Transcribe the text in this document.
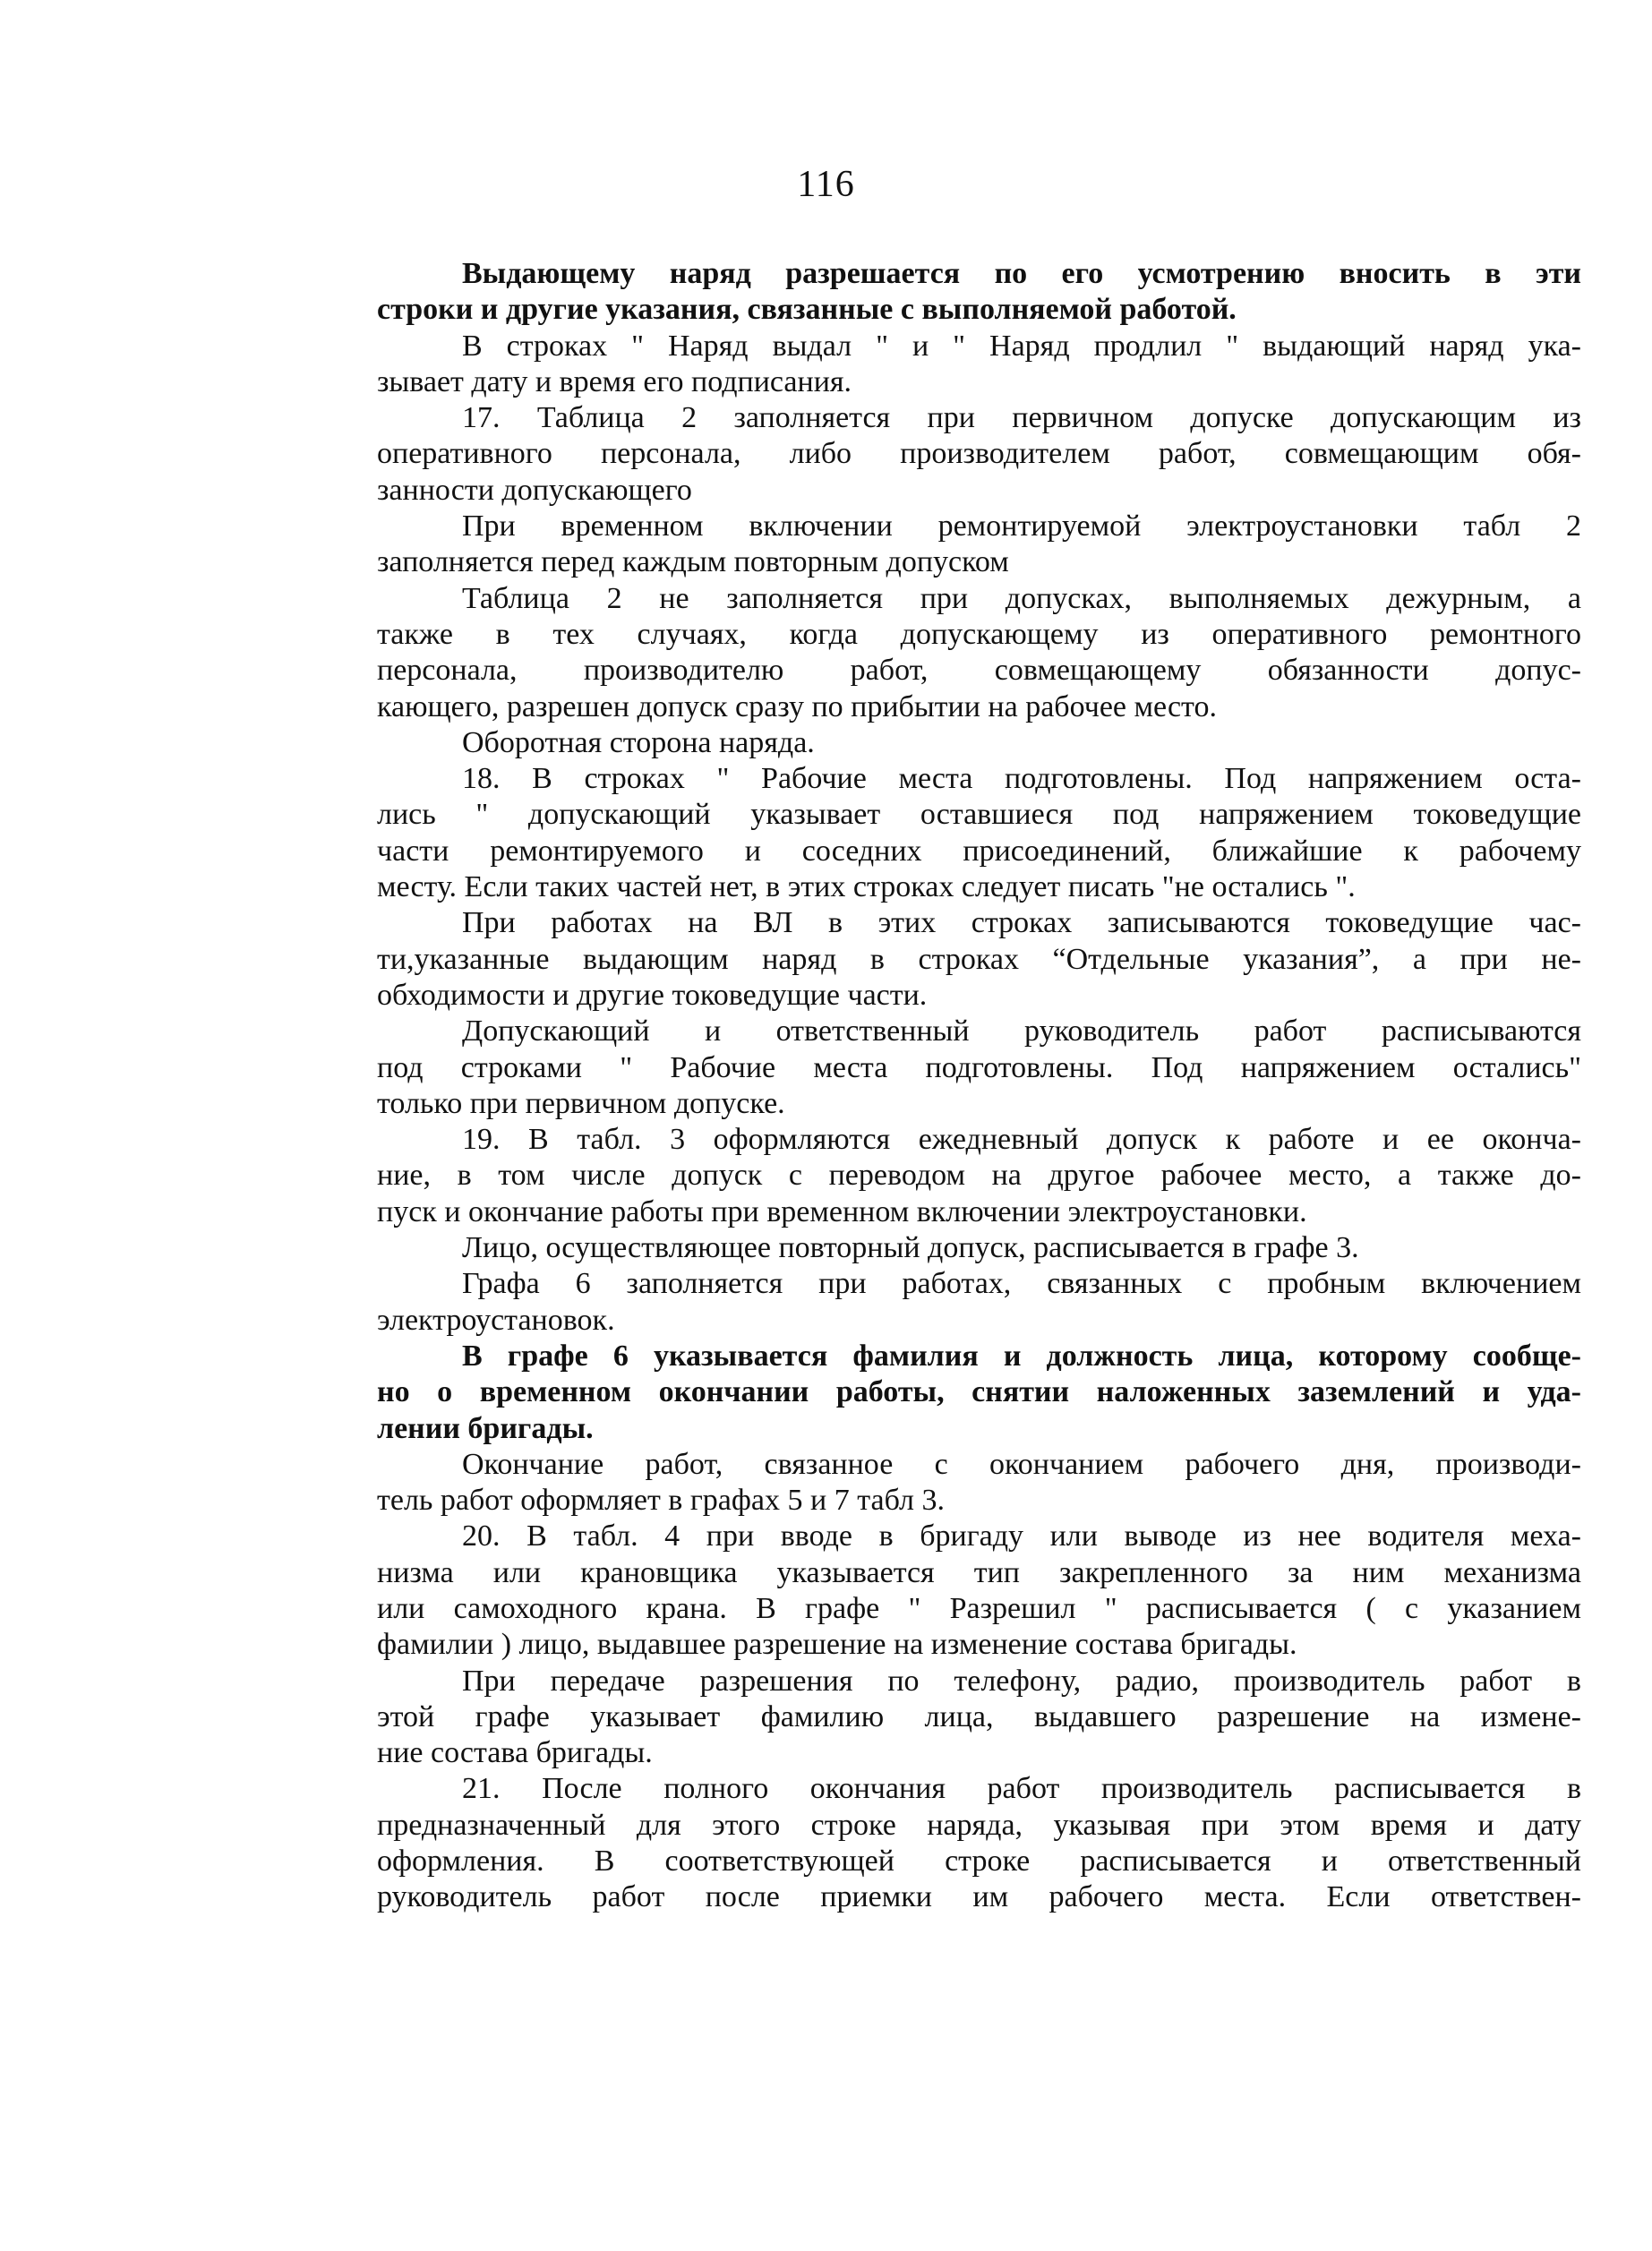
116
Выдающему наряд разрешается по его усмотрению вносить в эти
строки и другие указания, связанные с выполняемой работой.
В строках " Наряд выдал " и " Наряд продлил " выдающий наряд ука-
зывает дату и время его подписания.
17. Таблица 2 заполняется при первичном допуске допускающим из
оперативного персонала, либо производителем работ, совмещающим обя-
занности допускающего
При временном включении ремонтируемой электроустановки табл 2
заполняется перед каждым повторным допуском
Таблица 2 не заполняется при допусках, выполняемых дежурным, а
также в тех случаях, когда допускающему из оперативного ремонтного
персонала, производителю работ, совмещающему обязанности допус-
кающего, разрешен допуск сразу по прибытии на рабочее место.
Оборотная сторона наряда.
18. В строках " Рабочие места подготовлены. Под напряжением оста-
лись " допускающий указывает оставшиеся под напряжением токоведущие
части ремонтируемого и соседних присоединений, ближайшие к рабочему
месту. Если таких частей нет, в этих строках следует писать "не остались ".
При работах на ВЛ в этих строках записываются токоведущие час-
ти,указанные выдающим наряд в строках “Отдельные указания”, а при не-
обходимости и другие токоведущие части.
Допускающий и ответственный руководитель работ расписываются
под строками " Рабочие места подготовлены. Под напряжением остались"
только при первичном допуске.
19. В табл. 3 оформляются ежедневный допуск к работе и ее оконча-
ние, в том числе допуск с переводом на другое рабочее место, а также до-
пуск и окончание работы при временном включении электроустановки.
Лицо, осуществляющее повторный допуск, расписывается в графе 3.
Графа 6 заполняется при работах, связанных с пробным включением
электроустановок.
В графе 6 указывается фамилия и должность лица, которому сообще-
но о временном окончании работы, снятии наложенных заземлений и уда-
лении бригады.
Окончание работ, связанное с окончанием рабочего дня, производи-
тель работ оформляет в графах 5 и 7 табл 3.
20. В табл. 4 при вводе в бригаду или выводе из нее водителя меха-
низма или крановщика указывается тип закрепленного за ним механизма
или самоходного крана. В графе " Разрешил " расписывается ( с указанием
фамилии ) лицо, выдавшее разрешение на изменение состава бригады.
При передаче разрешения по телефону, радио, производитель работ в
этой графе указывает фамилию лица, выдавшего разрешение на измене-
ние состава бригады.
21. После полного окончания работ производитель расписывается в
предназначенный для этого строке наряда, указывая при этом время и дату
оформления. В соответствующей строке расписывается и ответственный
руководитель работ после приемки им рабочего места. Если ответствен-
